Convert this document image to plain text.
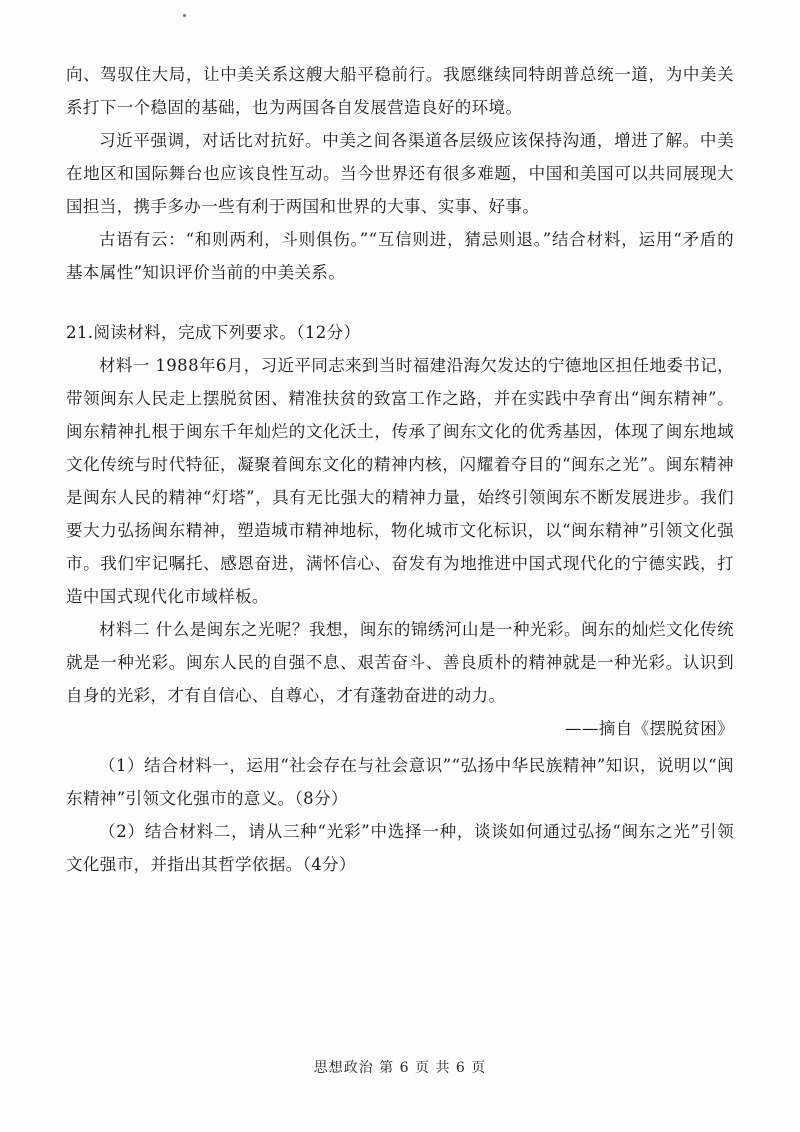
向、驾驭住大局，让中美关系这艘大船平稳前行。我愿继续同特朗普总统一道，为中美关系打下一个稳固的基础，也为两国各自发展营造良好的环境。

习近平强调，对话比对抗好。中美之间各渠道各层级应该保持沟通，增进了解。中美在地区和国际舞台也应该良性互动。当今世界还有很多难题，中国和美国可以共同展现大国担当，携手多办一些有利于两国和世界的大事、实事、好事。

古语有云：“和则两利，斗则俱伤。”“互信则进，猜忌则退。”结合材料，运用“矛盾的基本属性”知识评价当前的中美关系。

21.阅读材料，完成下列要求。（12分）

材料一 1988年6月，习近平同志来到当时福建沿海欠发达的宁德地区担任地委书记，带领闽东人民走上摆脱贫困、精准扶贫的致富工作之路，并在实践中孕育出“闽东精神”。闽东精神扎根于闽东千年灿烂的文化沃土，传承了闽东文化的优秀基因，体现了闽东地域文化传统与时代特征，凝聚着闽东文化的精神内核，闪耀着夺目的“闽东之光”。闽东精神是闽东人民的精神“灯塔”，具有无比强大的精神力量，始终引领闽东不断发展进步。我们要大力弘扬闽东精神，塑造城市精神地标，物化城市文化标识，以“闽东精神”引领文化强市。我们牢记嘱托、感恩奋进，满怀信心、奋发有为地推进中国式现代化的宁德实践，打造中国式现代化市域样板。

材料二 什么是闽东之光呢？我想，闽东的锦绣河山是一种光彩。闽东的灿烂文化传统就是一种光彩。闽东人民的自强不息、艰苦奋斗、善良质朴的精神就是一种光彩。认识到自身的光彩，才有自信心、自尊心，才有蓬勃奋进的动力。

——摘自《摆脱贫困》

（1）结合材料一，运用“社会存在与社会意识”“弘扬中华民族精神”知识，说明以“闽东精神”引领文化强市的意义。（8分）

（2）结合材料二，请从三种“光彩”中选择一种，谈谈如何通过弘扬“闽东之光”引领文化强市，并指出其哲学依据。（4分）

思想政治 第 6 页 共 6 页
